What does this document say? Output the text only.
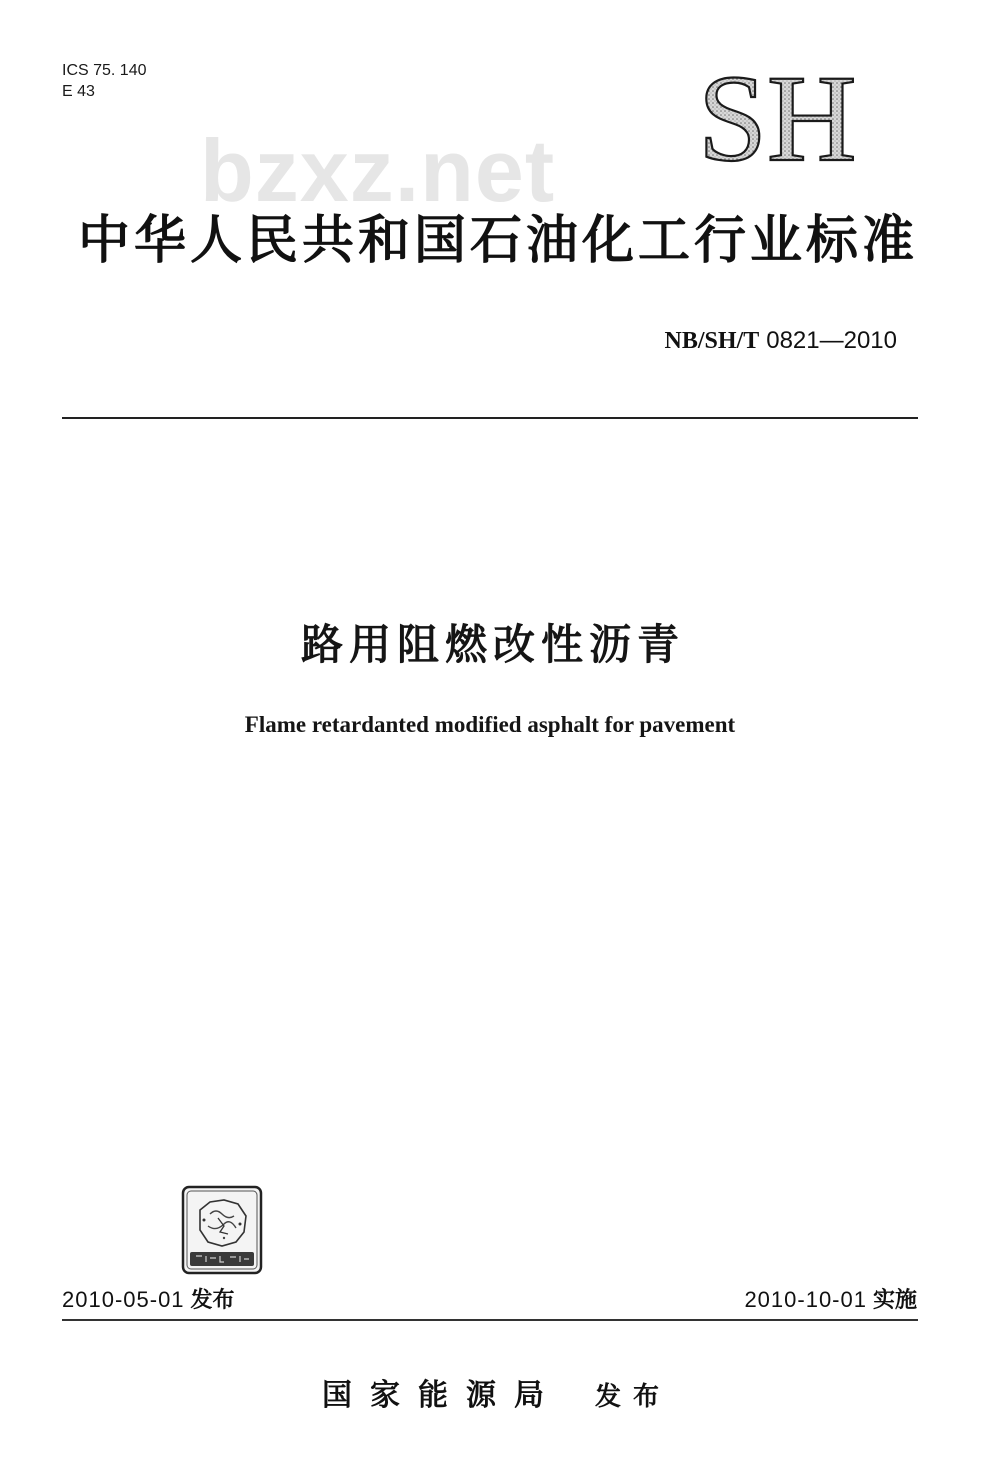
ICS 75. 140
E 43
bzxz.net SH
中华人民共和国石油化工行业标准
NB/SH/T 0821—2010
路用阻燃改性沥青
Flame retardanted modified asphalt for pavement
2010-05-01 发布	2010-10-01 实施
国家能源局 发布
